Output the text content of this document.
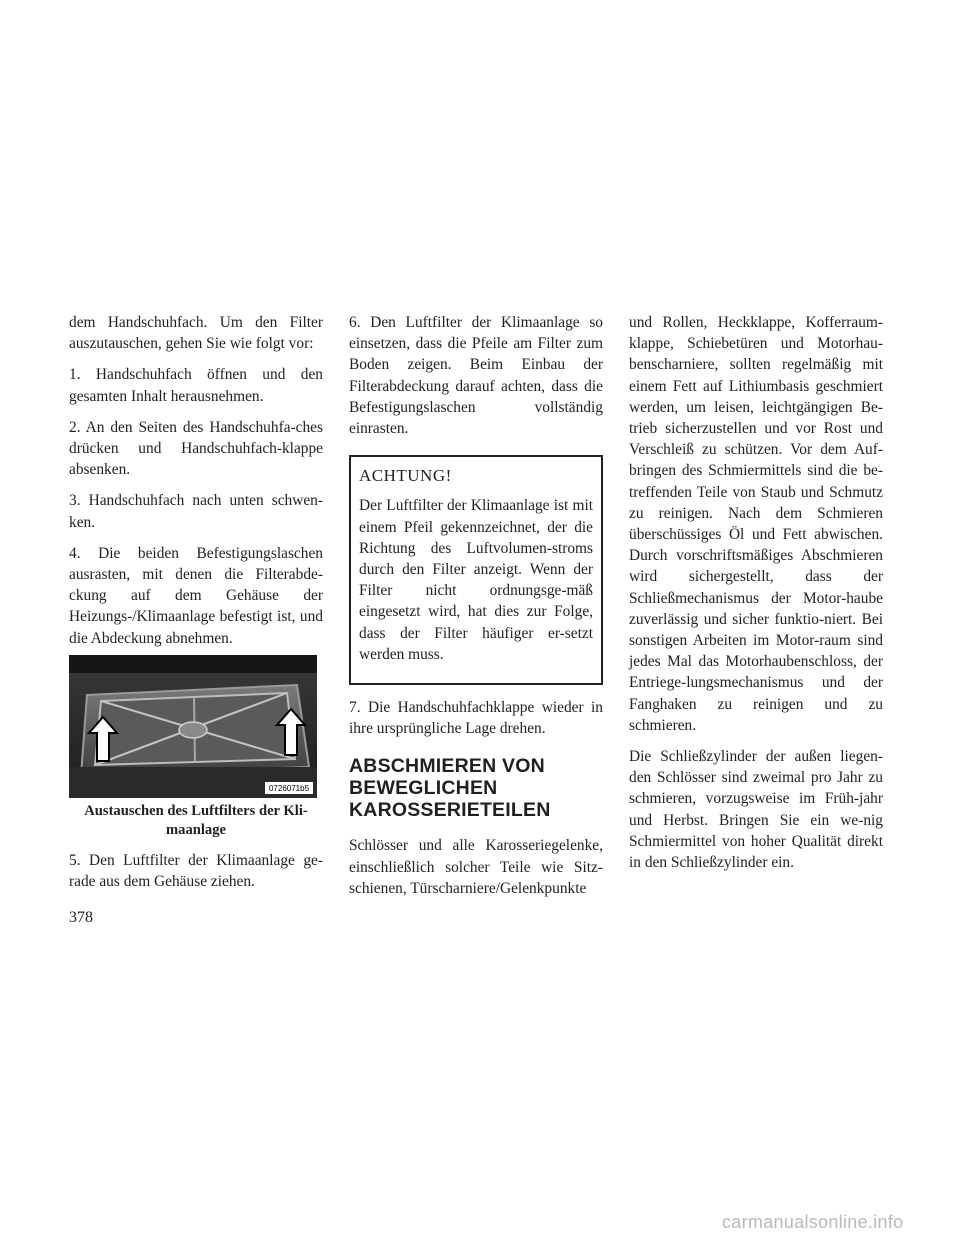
dem Handschuhfach. Um den Filter auszutauschen, gehen Sie wie folgt vor:

1. Handschuhfach öffnen und den gesamten Inhalt herausnehmen.

2. An den Seiten des Handschuhfa-ches drücken und Handschuhfach-klappe absenken.

3. Handschuhfach nach unten schwen-ken.

4. Die beiden Befestigungslaschen ausrasten, mit denen die Filterabde-ckung auf dem Gehäuse der Heizungs-/Klimaanlage befestigt ist, und die Abdeckung abnehmen.

0726071b5
Austauschen des Luftfilters der Kli-maanlage

5. Den Luftfilter der Klimaanlage ge-rade aus dem Gehäuse ziehen.

6. Den Luftfilter der Klimaanlage so einsetzen, dass die Pfeile am Filter zum Boden zeigen. Beim Einbau der Filterabdeckung darauf achten, dass die Befestigungslaschen vollständig einrasten.

ACHTUNG!

Der Luftfilter der Klimaanlage ist mit einem Pfeil gekennzeichnet, der die Richtung des Luftvolumen-stroms durch den Filter anzeigt. Wenn der Filter nicht ordnungsge-mäß eingesetzt wird, hat dies zur Folge, dass der Filter häufiger er-setzt werden muss.

7. Die Handschuhfachklappe wieder in ihre ursprüngliche Lage drehen.

ABSCHMIEREN VON BEWEGLICHEN KAROSSERIETEILEN

Schlösser und alle Karosseriegelenke, einschließlich solcher Teile wie Sitz-schienen, Türscharniere/Gelenkpunkte

und Rollen, Heckklappe, Kofferraum-klappe, Schiebetüren und Motorhau-benscharniere, sollten regelmäßig mit einem Fett auf Lithiumbasis geschmiert werden, um leisen, leichtgängigen Be-trieb sicherzustellen und vor Rost und Verschleiß zu schützen. Vor dem Auf-bringen des Schmiermittels sind die be-treffenden Teile von Staub und Schmutz zu reinigen. Nach dem Schmieren überschüssiges Öl und Fett abwischen. Durch vorschriftsmäßiges Abschmieren wird sichergestellt, dass der Schließmechanismus der Motor-haube zuverlässig und sicher funktio-niert. Bei sonstigen Arbeiten im Motor-raum sind jedes Mal das Motorhaubenschloss, der Entriege-lungsmechanismus und der Fanghaken zu reinigen und zu schmieren.

Die Schließzylinder der außen liegen-den Schlösser sind zweimal pro Jahr zu schmieren, vorzugsweise im Früh-jahr und Herbst. Bringen Sie ein we-nig Schmiermittel von hoher Qualität direkt in den Schließzylinder ein.

378
carmanualsonline.info
